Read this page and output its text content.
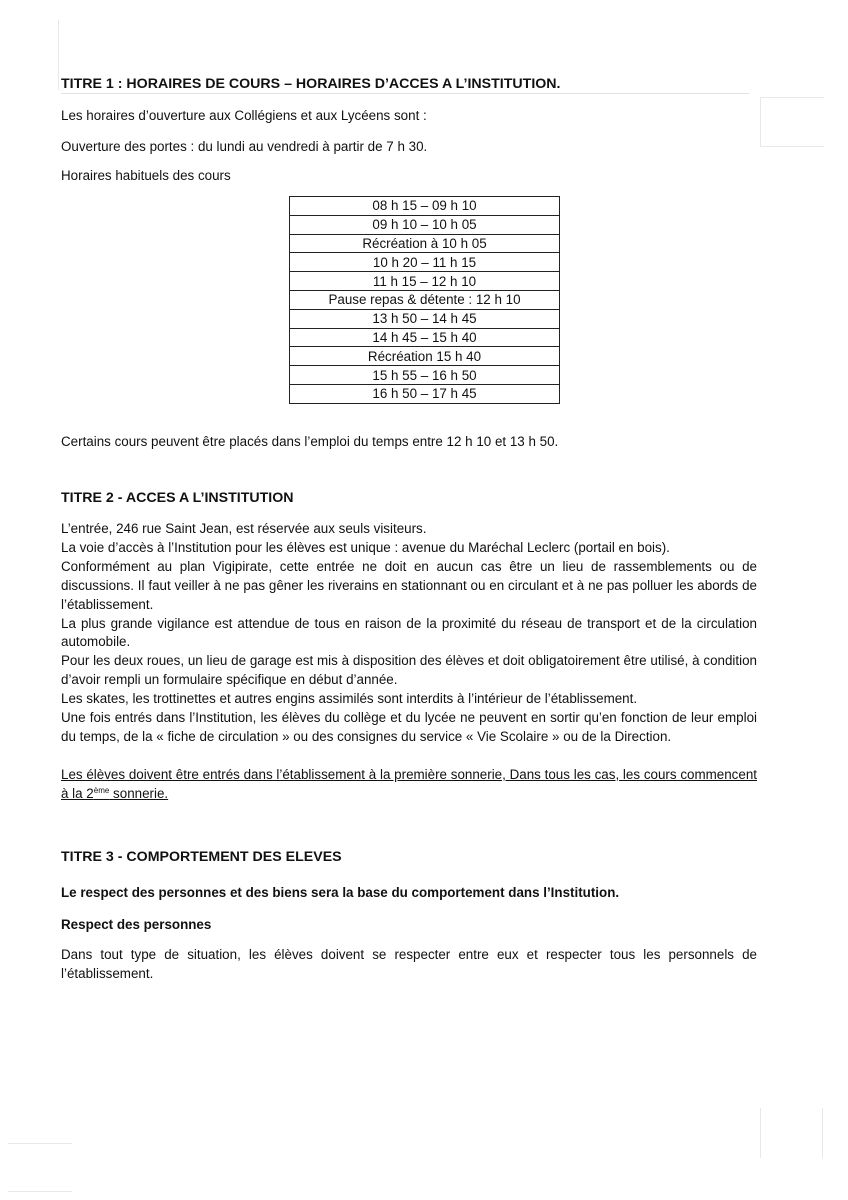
TITRE 1 : HORAIRES DE COURS – HORAIRES D’ACCES A L’INSTITUTION.
Les horaires d’ouverture aux Collégiens et aux Lycéens sont :
Ouverture des portes : du lundi au vendredi à partir de 7 h 30.
Horaires habituels des cours
08 h 15 – 09 h 10
09 h 10 – 10 h 05
Récréation à 10 h 05
10 h 20 – 11 h 15
11 h 15 – 12 h 10
Pause repas & détente : 12 h 10
13 h 50 – 14 h 45
14 h 45 – 15 h 40
Récréation 15 h 40
15 h 55 – 16 h 50
16 h 50 – 17 h 45
Certains cours peuvent être placés dans l’emploi du temps entre 12 h 10 et 13 h 50.
TITRE 2 - ACCES A L’INSTITUTION

L’entrée, 246 rue Saint Jean, est réservée aux seuls visiteurs.

La voie d’accès à l’Institution pour les élèves est unique : avenue du Maréchal Leclerc (portail en bois).

Conformément au plan Vigipirate, cette entrée ne doit en aucun cas être un lieu de rassemblements ou de discussions. Il faut veiller à ne pas gêner les riverains en stationnant ou en circulant et à ne pas polluer les abords de l’établissement.

La plus grande vigilance est attendue de tous en raison de la proximité du réseau de transport et de la circulation automobile.

Pour les deux roues, un lieu de garage est mis à disposition des élèves et doit obligatoirement être utilisé, à condition d’avoir rempli un formulaire spécifique en début d’année.

Les skates, les trottinettes et autres engins assimilés sont interdits à l’intérieur de l’établissement.

Une fois entrés dans l’Institution, les élèves du collège et du lycée ne peuvent en sortir qu’en fonction de leur emploi du temps, de la « fiche de circulation » ou des consignes du service « Vie Scolaire » ou de la Direction.

Les élèves doivent être entrés dans l’établissement à la première sonnerie, Dans tous les cas, les cours commencent à la 2ème sonnerie.
TITRE 3 - COMPORTEMENT DES ELEVES
Le respect des personnes et des biens sera la base du comportement dans l’Institution.
Respect des personnes
Dans tout type de situation, les élèves doivent se respecter entre eux et respecter tous les personnels de l’établissement.
